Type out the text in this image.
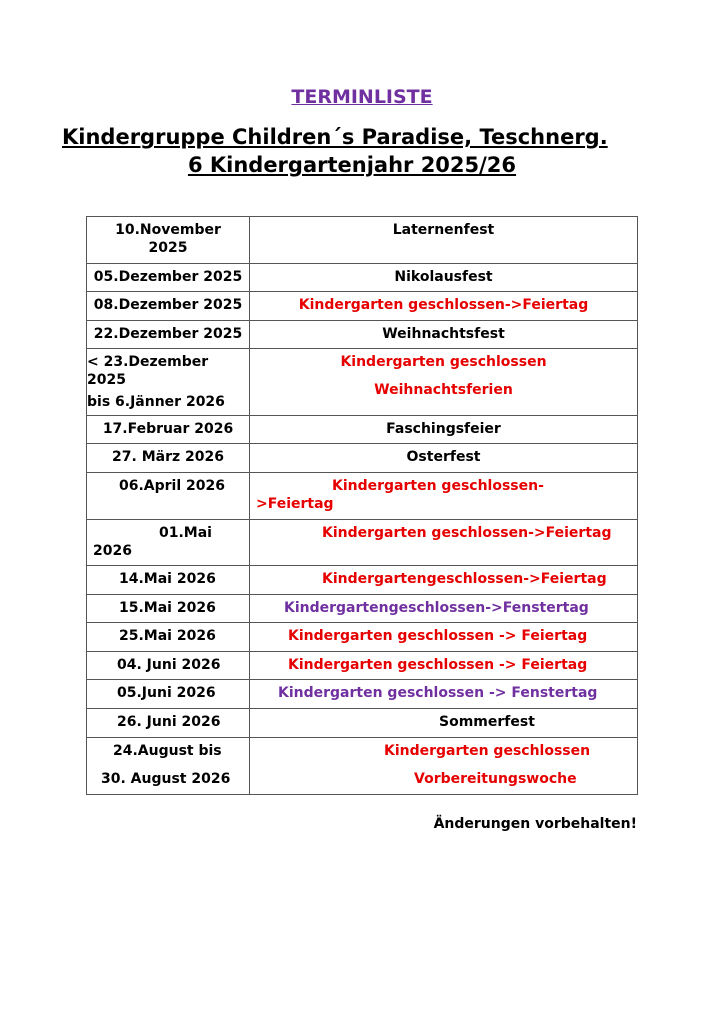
TERMINLISTE
Kindergruppe Children´s Paradise, Teschnerg.
6 Kindergartenjahr 2025/26
10.November
2025	Laternenfest

05.Dezember 2025	Nikolausfest

08.Dezember 2025	Kindergarten geschlossen->Feiertag

22.Dezember 2025	Weihnachtsfest

< 23.Dezember 2025
bis 6.Jänner 2026	Kindergarten geschlossen
Weihnachtsferien

17.Februar 2026	Faschingsfeier

27. März 2026	Osterfest

06.April 2026	Kindergarten geschlossen-
>Feiertag

01.Mai
2026	Kindergarten geschlossen->Feiertag

14.Mai 2026	Kindergartengeschlossen->Feiertag

15.Mai 2026	Kindergartengeschlossen->Fenstertag

25.Mai 2026	Kindergarten geschlossen -> Feiertag

04. Juni 2026	Kindergarten geschlossen -> Feiertag

05.Juni 2026	Kindergarten geschlossen -> Fenstertag

26. Juni 2026	Sommerfest

24.August bis
30. August 2026	Kindergarten geschlossen
Vorbereitungswoche
Änderungen vorbehalten!
